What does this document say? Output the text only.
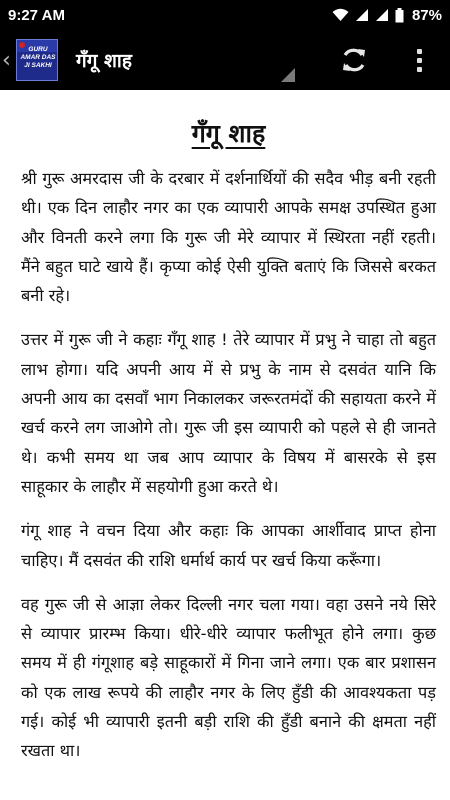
9:27 AM	87%
‹	GURU AMAR DAS JI SAKHI गँगू शाह
गँगू शाह

श्री गुरू अमरदास जी के दरबार में दर्शनार्थियों की सदैव भीड़ बनी रहती थी। एक दिन लाहौर नगर का एक व्यापारी आपके समक्ष उपस्थित हुआ और विनती करने लगा कि गुरू जी मेरे व्यापार में स्थिरता नहीं रहती। मैंने बहुत घाटे खाये हैं। कृप्या कोई ऐसी युक्ति बताएं कि जिससे बरकत बनी रहे।

उत्तर में गुरू जी ने कहाः गँगू शाह ! तेरे व्यापार में प्रभु ने चाहा तो बहुत लाभ होगा। यदि अपनी आय में से प्रभु के नाम से दसवंत यानि कि अपनी आय का दसवाँ भाग निकालकर जरूरतमंदों की सहायता करने में खर्च करने लग जाओगे तो। गुरू जी इस व्यापारी को पहले से ही जानते थे। कभी समय था जब आप व्यापार के विषय में बासरके से इस साहूकार के लाहौर में सहयोगी हुआ करते थे।

गंगू शाह ने वचन दिया और कहाः कि आपका आर्शीवाद प्राप्त होना चाहिए। मैं दसवंत की राशि धर्मार्थ कार्य पर खर्च किया करूँगा।

वह गुरू जी से आज्ञा लेकर दिल्ली नगर चला गया। वहा उसने नये सिरे से व्यापार प्रारम्भ किया। धीरे-धीरे व्यापार फलीभूत होने लगा। कुछ समय में ही गंगूशाह बड़े साहूकारों में गिना जाने लगा। एक बार प्रशासन को एक लाख रूपये की लाहौर नगर के लिए हुँडी की आवश्यकता पड़ गई। कोई भी व्यापारी इतनी बड़ी राशि की हुँडी बनाने की क्षमता नहीं रखता था।
